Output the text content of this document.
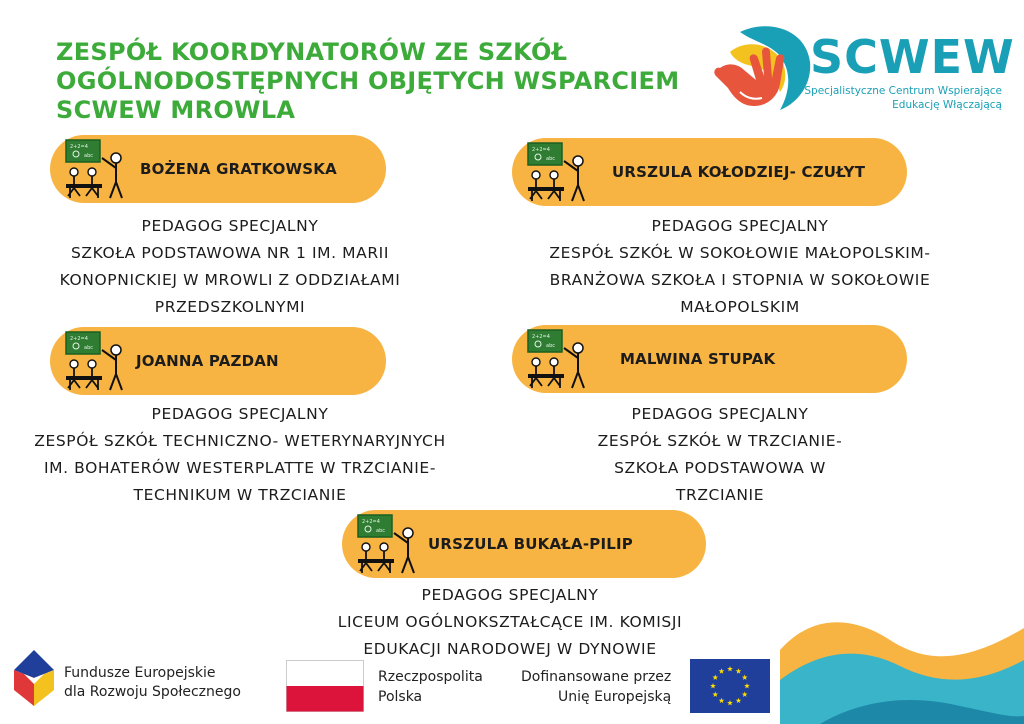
ZESPÓŁ KOORDYNATORÓW ZE SZKÓŁ
OGÓLNODOSTĘPNYCH OBJĘTYCH WSPARCIEM
SCWEW MROWLA
SCWEW
Specjalistyczne Centrum Wspierające
Edukację Włączającą
2+2=4
abc
BOŻENA GRATKOWSKA
PEDAGOG SPECJALNY
SZKOŁA PODSTAWOWA NR 1 IM. MARII
KONOPNICKIEJ W MROWLI Z ODDZIAŁAMI
PRZEDSZKOLNYMI
2+2=4
abc
URSZULA KOŁODZIEJ- CZUŁYT
PEDAGOG SPECJALNY
ZESPÓŁ SZKÓŁ W SOKOŁOWIE MAŁOPOLSKIM-
BRANŻOWA SZKOŁA I STOPNIA W SOKOŁOWIE
MAŁOPOLSKIM
2+2=4
abc
JOANNA PAZDAN
PEDAGOG SPECJALNY
ZESPÓŁ SZKÓŁ TECHNICZNO- WETERYNARYJNYCH
IM. BOHATERÓW WESTERPLATTE W TRZCIANIE-
TECHNIKUM W TRZCIANIE
2+2=4
abc
MALWINA STUPAK
PEDAGOG SPECJALNY
ZESPÓŁ SZKÓŁ W TRZCIANIE-
SZKOŁA PODSTAWOWA W
TRZCIANIE
2+2=4
abc
URSZULA BUKAŁA-PILIP
PEDAGOG SPECJALNY
LICEUM OGÓLNOKSZTAŁCĄCE IM. KOMISJI
EDUKACJI NARODOWEJ W DYNOWIE
Fundusze Europejskie
dla Rozwoju Społecznego
Rzeczpospolita
Polska
Dofinansowane przez
Unię Europejską
